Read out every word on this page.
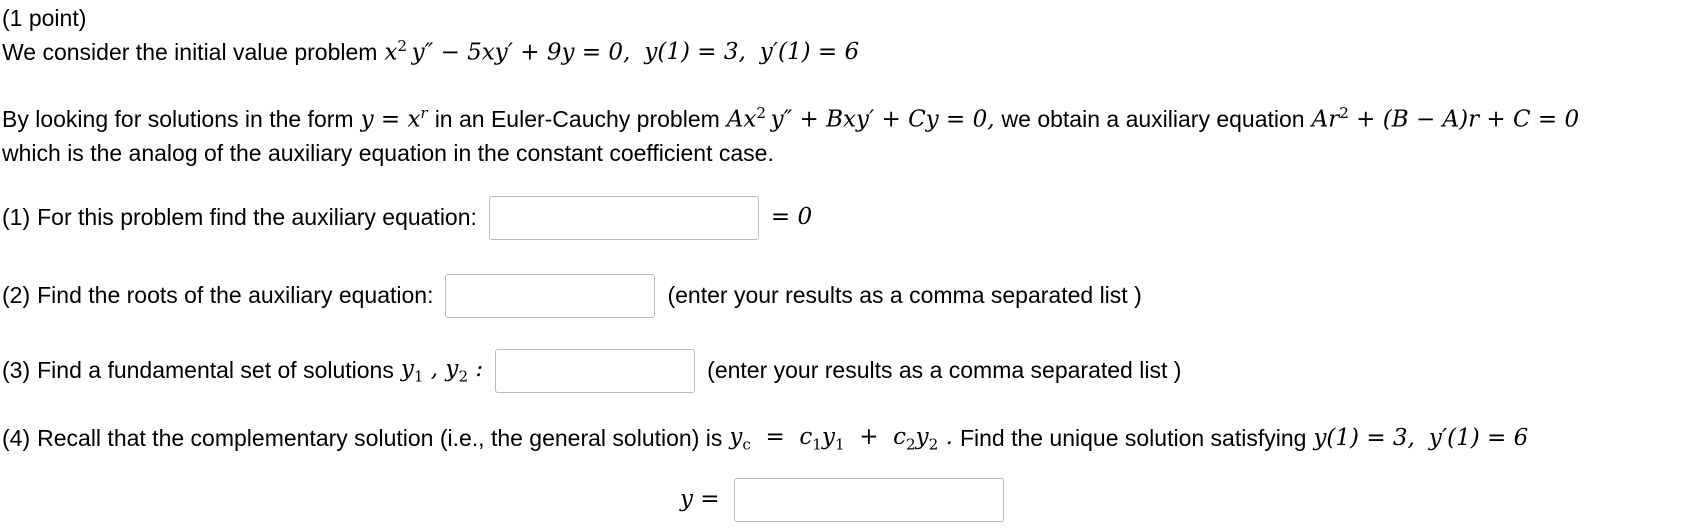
(1 point)
We consider the initial value problem $x^2$ y″ − 5xy′ + 9y = 0, y(1) = 3, y′(1) = 6
By looking for solutions in the form $y = x^r$ in an Euler-Cauchy problem Ax$^2$ y″ + Bxy′ + Cy = 0, we obtain a auxiliary equation $Ar^2 + (B - A)r + C = 0$
which is the analog of the auxiliary equation in the constant coefficient case.
(1) For this problem find the auxiliary equation:	= 0
(2) Find the roots of the auxiliary equation:	(enter your results as a comma separated list )
(3) Find a fundamental set of solutions $y_1$ , $y_2$ :	(enter your results as a comma separated list )
(4) Recall that the complementary solution (i.e., the general solution) is $y_c = c_1y_1 + c_2y_2$ . Find the unique solution satisfying y(1) = 3, y′(1) = 6
y =
